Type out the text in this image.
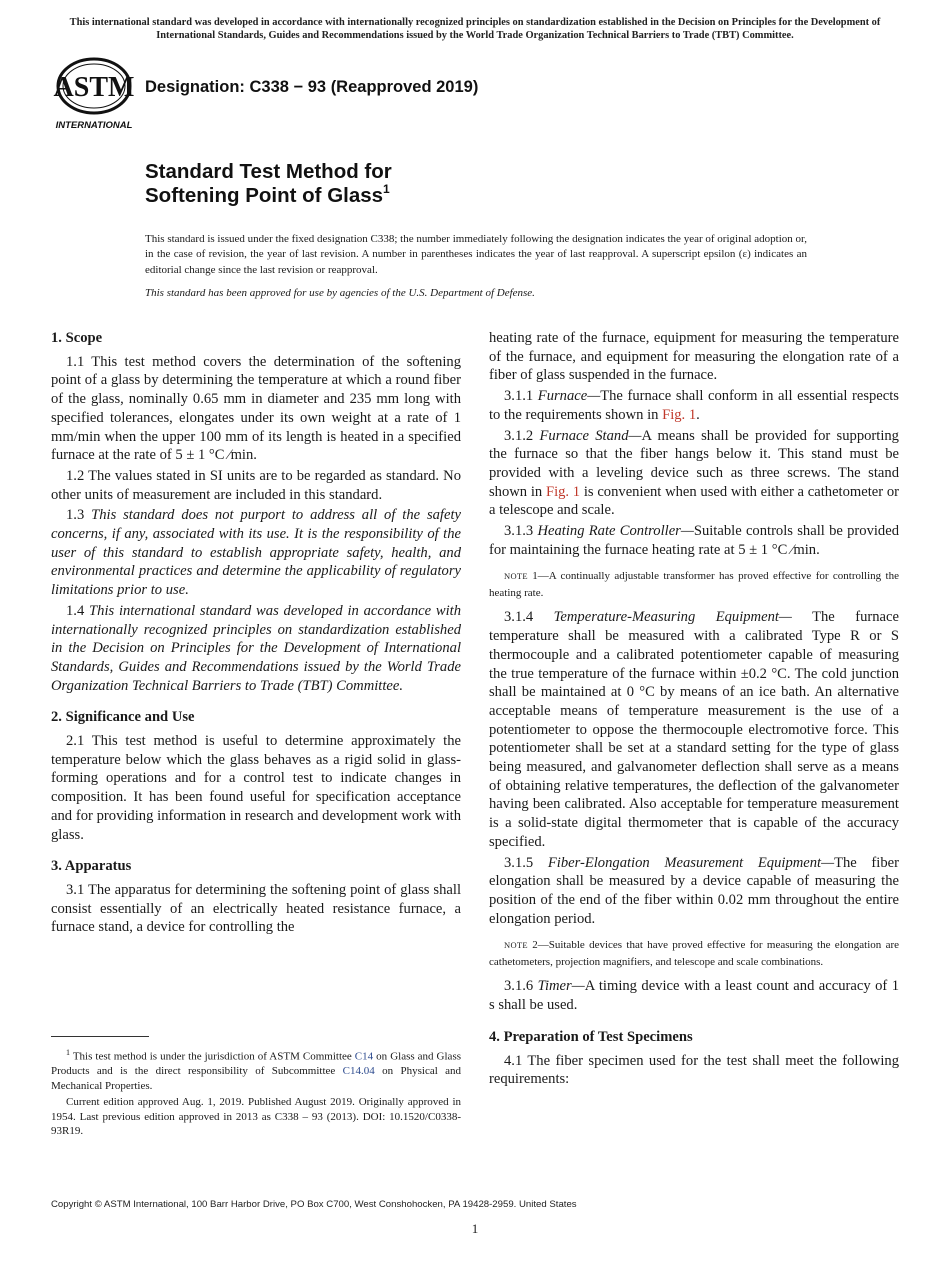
This international standard was developed in accordance with internationally recognized principles on standardization established in the Decision on Principles for the Development of International Standards, Guides and Recommendations issued by the World Trade Organization Technical Barriers to Trade (TBT) Committee.
ASTM
INTERNATIONAL
Designation: C338 − 93 (Reapproved 2019)
Standard Test Method for
Softening Point of Glass$^1$

This standard is issued under the fixed designation C338; the number immediately following the designation indicates the year of original adoption or, in the case of revision, the year of last revision. A number in parentheses indicates the year of last reapproval. A superscript epsilon (ε) indicates an editorial change since the last revision or reapproval.

This standard has been approved for use by agencies of the U.S. Department of Defense.

1. Scope

1.1 This test method covers the determination of the softening point of a glass by determining the temperature at which a round fiber of the glass, nominally 0.65 mm in diameter and 235 mm long with specified tolerances, elongates under its own weight at a rate of 1 mm/min when the upper 100 mm of its length is heated in a specified furnace at the rate of 5 ± 1 °C ⁄min.

1.2 The values stated in SI units are to be regarded as standard. No other units of measurement are included in this standard.

1.3 This standard does not purport to address all of the safety concerns, if any, associated with its use. It is the responsibility of the user of this standard to establish appropriate safety, health, and environmental practices and determine the applicability of regulatory limitations prior to use.

1.4 This international standard was developed in accordance with internationally recognized principles on standardization established in the Decision on Principles for the Development of International Standards, Guides and Recommendations issued by the World Trade Organization Technical Barriers to Trade (TBT) Committee.

2. Significance and Use

2.1 This test method is useful to determine approximately the temperature below which the glass behaves as a rigid solid in glass-forming operations and for a control test to indicate changes in composition. It has been found useful for specification acceptance and for providing information in research and development work with glass.

3. Apparatus

3.1 The apparatus for determining the softening point of glass shall consist essentially of an electrically heated resistance furnace, a furnace stand, a device for controlling the

$^1$ This test method is under the jurisdiction of ASTM Committee C14 on Glass and Glass Products and is the direct responsibility of Subcommittee C14.04 on Physical and Mechanical Properties.

Current edition approved Aug. 1, 2019. Published August 2019. Originally approved in 1954. Last previous edition approved in 2013 as C338 – 93 (2013). DOI: 10.1520/C0338-93R19.

heating rate of the furnace, equipment for measuring the temperature of the furnace, and equipment for measuring the elongation rate of a fiber of glass suspended in the furnace.

3.1.1 Furnace—The furnace shall conform in all essential respects to the requirements shown in Fig. 1.

3.1.2 Furnace Stand—A means shall be provided for supporting the furnace so that the fiber hangs below it. This stand must be provided with a leveling device such as three screws. The stand shown in Fig. 1 is convenient when used with either a cathetometer or a telescope and scale.

3.1.3 Heating Rate Controller—Suitable controls shall be provided for maintaining the furnace heating rate at 5 ± 1 °C ⁄min.

NOTE 1—A continually adjustable transformer has proved effective for controlling the heating rate.

3.1.4 Temperature-Measuring Equipment— The furnace temperature shall be measured with a calibrated Type R or S thermocouple and a calibrated potentiometer capable of measuring the true temperature of the furnace within ±0.2 °C. The cold junction shall be maintained at 0 °C by means of an ice bath. An alternative acceptable means of temperature measurement is the use of a potentiometer to oppose the thermocouple electromotive force. This potentiometer shall be set at a standard setting for the type of glass being measured, and galvanometer deflection shall serve as a means of obtaining relative temperatures, the deflection of the galvanometer having been calibrated. Also acceptable for temperature measurement is a solid-state digital thermometer that is capable of the accuracy specified.

3.1.5 Fiber-Elongation Measurement Equipment—The fiber elongation shall be measured by a device capable of measuring the position of the end of the fiber within 0.02 mm throughout the entire elongation period.

NOTE 2—Suitable devices that have proved effective for measuring the elongation are cathetometers, projection magnifiers, and telescope and scale combinations.

3.1.6 Timer—A timing device with a least count and accuracy of 1 s shall be used.

4. Preparation of Test Specimens

4.1 The fiber specimen used for the test shall meet the following requirements:

Copyright © ASTM International, 100 Barr Harbor Drive, PO Box C700, West Conshohocken, PA 19428-2959. United States
1
